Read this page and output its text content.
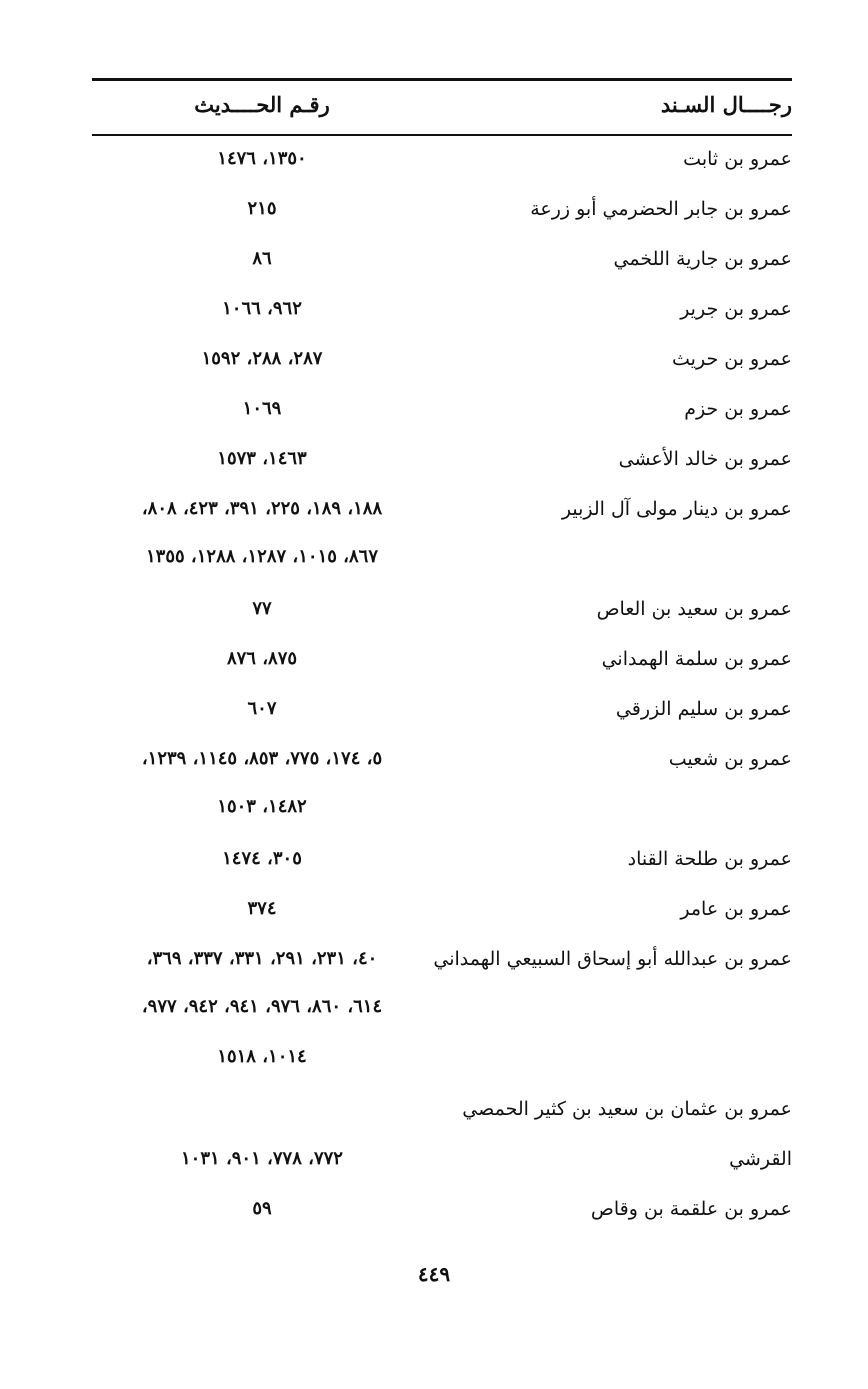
رجــــال السـند
رقـم الحــــديث
عمرو بن ثابت
١٣٥٠، ١٤٧٦
عمرو بن جابر الحضرمي أبو زرعة
٢١٥
عمرو بن جارية اللخمي
٨٦
عمرو بن جرير
٩٦٢، ١٠٦٦
عمرو بن حريث
٢٨٧، ٢٨٨، ١٥٩٢
عمرو بن حزم
١٠٦٩
عمرو بن خالد الأعشى
١٤٦٣، ١٥٧٣
عمرو بن دينار مولى آل الزبير
١٨٨، ١٨٩، ٢٢٥، ٣٩١، ٤٢٣، ٨٠٨،
٨٦٧، ١٠١٥، ١٢٨٧، ١٢٨٨، ١٣٥٥
عمرو بن سعيد بن العاص
٧٧
عمرو بن سلمة الهمداني
٨٧٥، ٨٧٦
عمرو بن سليم الزرقي
٦٠٧
عمرو بن شعيب
٥، ١٧٤، ٧٧٥، ٨٥٣، ١١٤٥، ١٢٣٩،
١٤٨٢، ١٥٠٣
عمرو بن طلحة القناد
٣٠٥، ١٤٧٤
عمرو بن عامر
٣٧٤
عمرو بن عبدالله أبو إسحاق السبيعي الهمداني
٤٠، ٢٣١، ٢٩١، ٣٣١، ٣٣٧، ٣٦٩،
٦١٤، ٨٦٠، ٩٧٦، ٩٤١، ٩٤٢، ٩٧٧،
١٠١٤، ١٥١٨
عمرو بن عثمان بن سعيد بن كثير الحمصي
القرشي
٧٧٢، ٧٧٨، ٩٠١، ١٠٣١
عمرو بن علقمة بن وقاص
٥٩
٤٤٩
